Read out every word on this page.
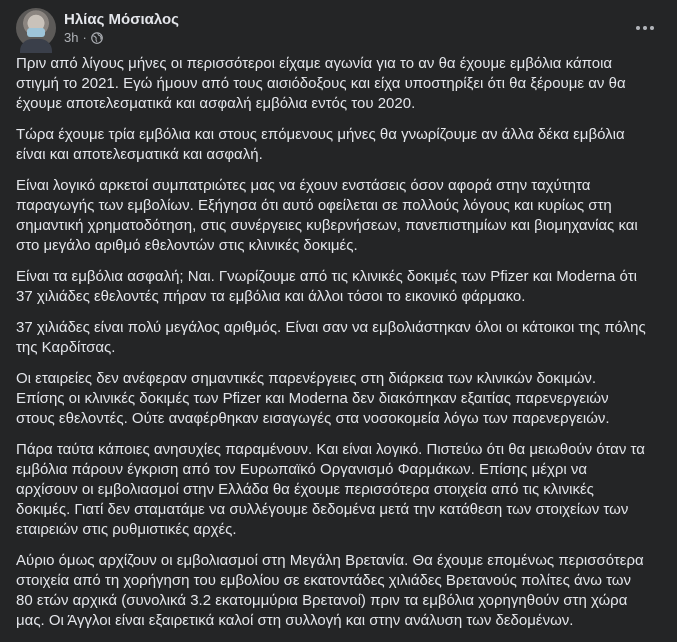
Ηλίας Μόσιαλος
3h ·

Πριν από λίγους μήνες οι περισσότεροι είχαμε αγωνία για το αν θα έχουμε εμβόλια κάποια στιγμή το 2021. Εγώ ήμουν από τους αισιόδοξους και είχα υποστηρίξει ότι θα ξέρουμε αν θα έχουμε αποτελεσματικά και ασφαλή εμβόλια εντός του 2020.

Τώρα έχουμε τρία εμβόλια και στους επόμενους μήνες θα γνωρίζουμε αν άλλα δέκα εμβόλια είναι και αποτελεσματικά και ασφαλή.

Είναι λογικό αρκετοί συμπατριώτες μας να έχουν ενστάσεις όσον αφορά στην ταχύτητα παραγωγής των εμβολίων. Εξήγησα ότι αυτό οφείλεται σε πολλούς λόγους και κυρίως στη σημαντική χρηματοδότηση, στις συνέργειες κυβερνήσεων, πανεπιστημίων και βιομηχανίας και στο μεγάλο αριθμό εθελοντών στις κλινικές δοκιμές.

Είναι τα εμβόλια ασφαλή; Ναι. Γνωρίζουμε από τις κλινικές δοκιμές των Pfizer και Moderna ότι 37 χιλιάδες εθελοντές πήραν τα εμβόλια και άλλοι τόσοι το εικονικό φάρμακο.

37 χιλιάδες είναι πολύ μεγάλος αριθμός. Είναι σαν να εμβολιάστηκαν όλοι οι κάτοικοι της πόλης της Καρδίτσας.

Οι εταιρείες δεν ανέφεραν σημαντικές παρενέργειες στη διάρκεια των κλινικών δοκιμών. Επίσης οι κλινικές δοκιμές των Pfizer και Moderna δεν διακόπηκαν εξαιτίας παρενεργειών στους εθελοντές. Ούτε αναφέρθηκαν εισαγωγές στα νοσοκομεία λόγω των παρενεργειών.

Πάρα ταύτα κάποιες ανησυχίες παραμένουν. Και είναι λογικό. Πιστεύω ότι θα μειωθούν όταν τα εμβόλια πάρουν έγκριση από τον Ευρωπαϊκό Οργανισμό Φαρμάκων. Επίσης μέχρι να αρχίσουν οι εμβολιασμοί στην Ελλάδα θα έχουμε περισσότερα στοιχεία από τις κλινικές δοκιμές. Γιατί δεν σταματάμε να συλλέγουμε δεδομένα μετά την κατάθεση των στοιχείων των εταιρειών στις ρυθμιστικές αρχές.

Αύριο όμως αρχίζουν οι εμβολιασμοί στη Μεγάλη Βρετανία. Θα έχουμε επομένως περισσότερα στοιχεία από τη χορήγηση του εμβολίου σε εκατοντάδες χιλιάδες Βρετανούς πολίτες άνω των 80 ετών αρχικά (συνολικά 3.2 εκατομμύρια Βρετανοί) πριν τα εμβόλια χορηγηθούν στη χώρα μας. Οι Άγγλοι είναι εξαιρετικά καλοί στη συλλογή και στην ανάλυση των δεδομένων.
